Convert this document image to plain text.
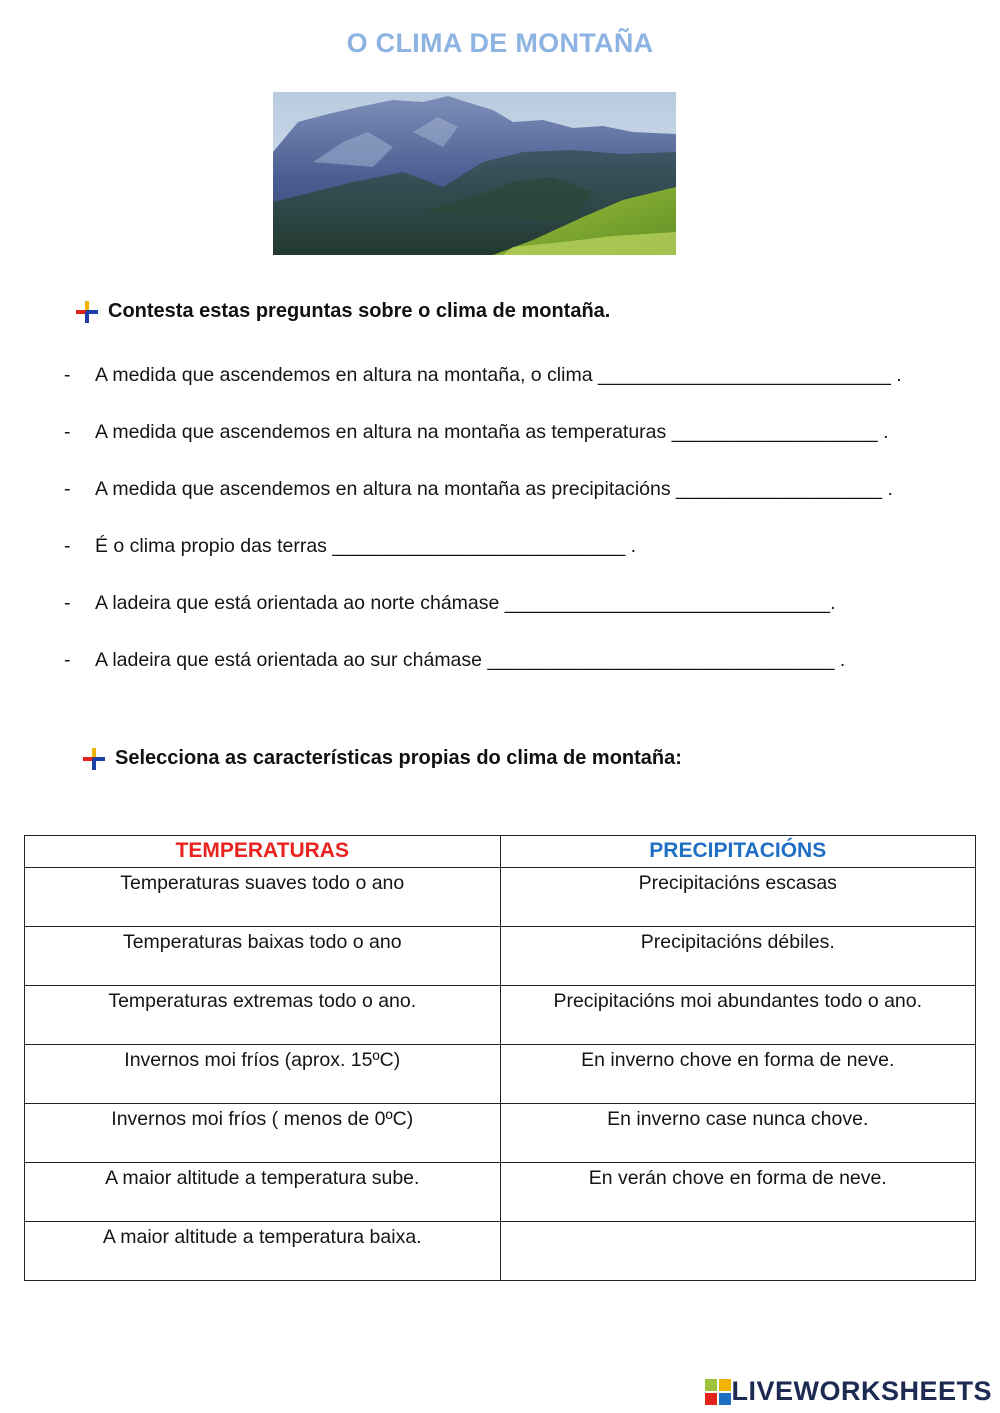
O CLIMA DE MONTAÑA
Contesta estas preguntas sobre o clima de montaña.
- A medida que ascendemos en altura na montaña, o clima ___________________________ .
- A medida que ascendemos en altura na montaña as temperaturas ___________________ .
- A medida que ascendemos en altura na montaña as precipitacións ___________________ .
- É o clima propio das terras ___________________________ .
- A ladeira que está orientada ao norte chámase ______________________________.
- A ladeira que está orientada ao sur chámase ________________________________ .
Selecciona as características propias do clima de montaña:
TEMPERATURAS	PRECIPITACIÓNS
Temperaturas suaves todo o ano	Precipitacións escasas
Temperaturas baixas todo o ano	Precipitacións débiles.
Temperaturas extremas todo o ano.	Precipitacións moi abundantes todo o ano.
Invernos moi fríos (aprox. 15ºC)	En inverno chove en forma de neve.
Invernos moi fríos ( menos de 0ºC)	En inverno case nunca chove.
A maior altitude a temperatura sube.	En verán chove en forma de neve.
A maior altitude a temperatura baixa.	
LIVEWORKSHEETS
